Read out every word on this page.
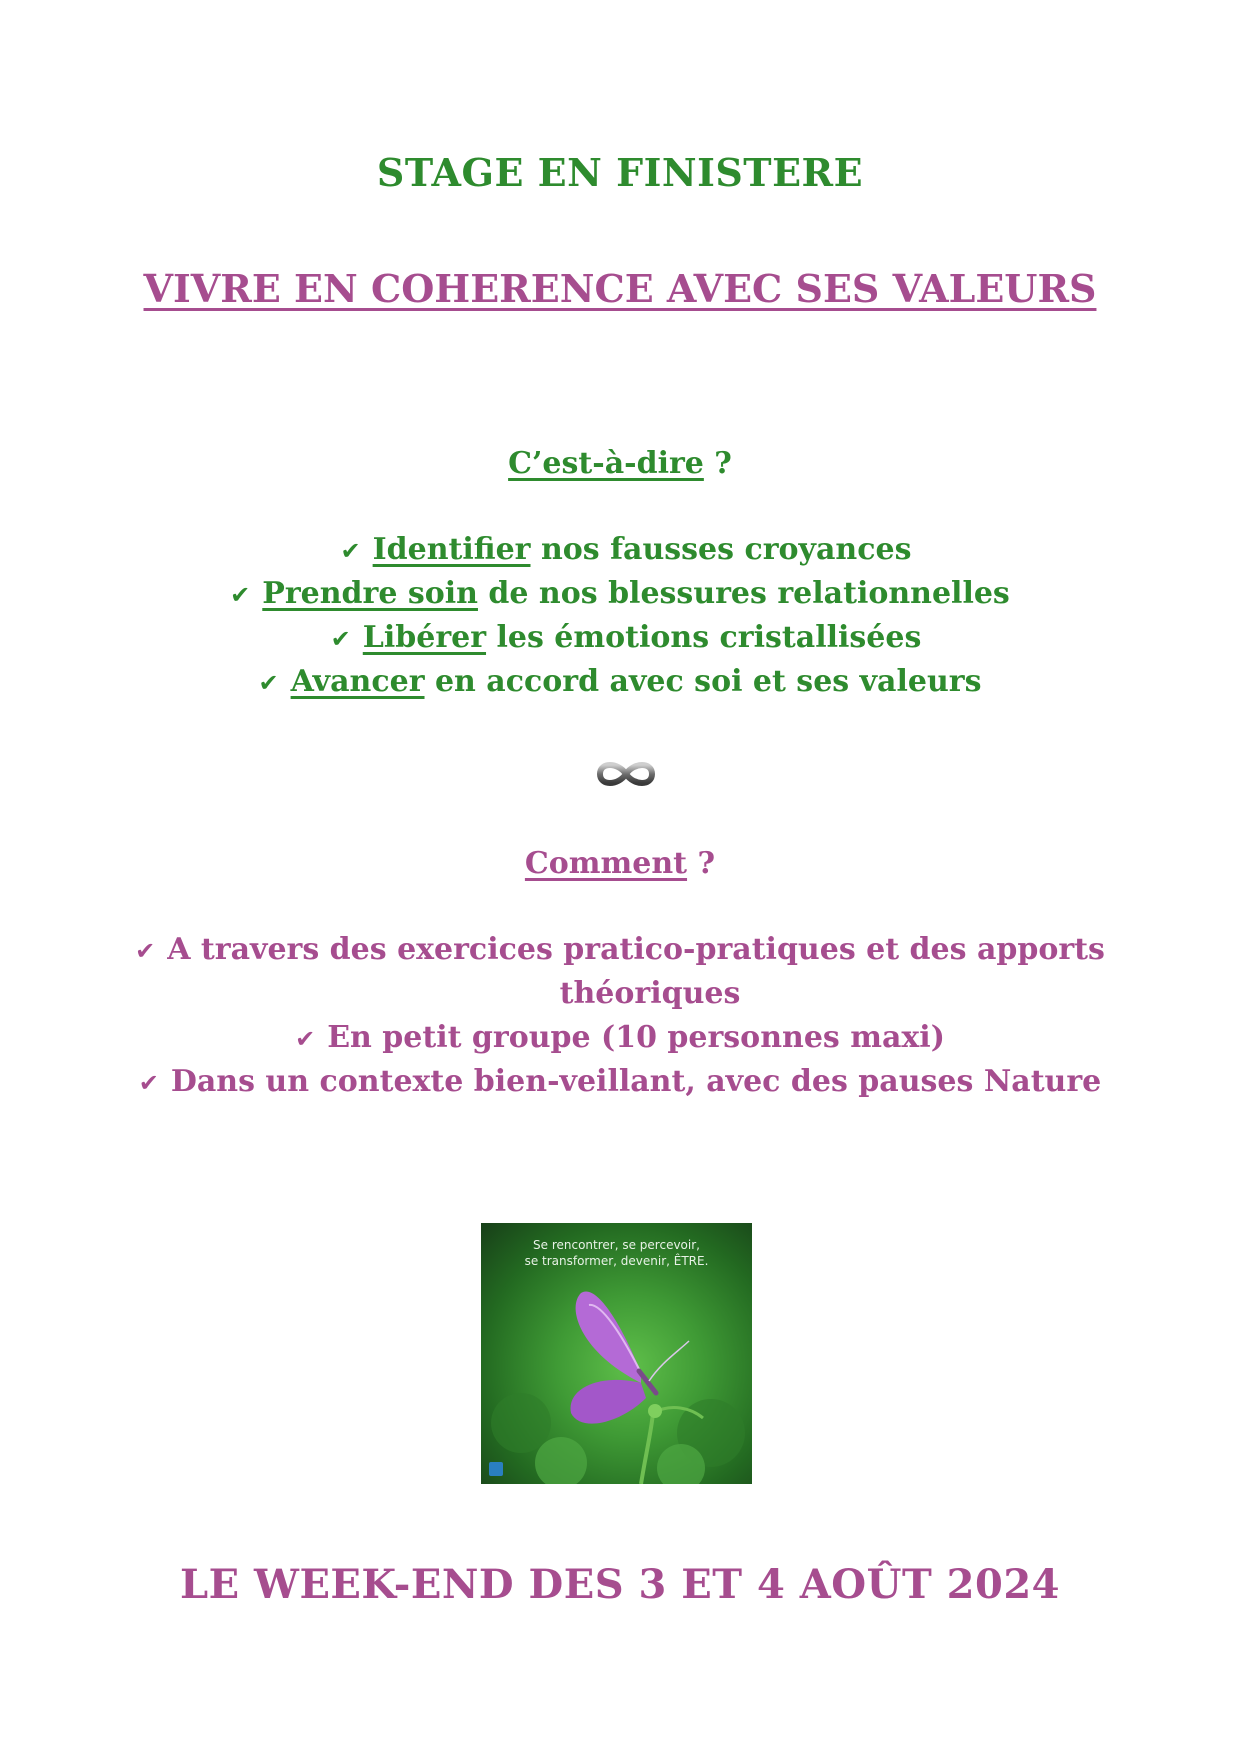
STAGE EN FINISTERE
VIVRE EN COHERENCE AVEC SES VALEURS
C’est-à-dire ?
✔ Identifier nos fausses croyances
✔ Prendre soin de nos blessures relationnelles
✔ Libérer les émotions cristallisées
✔ Avancer en accord avec soi et ses valeurs
Comment ?
✔ A travers des exercices pratico-pratiques et des apports
théoriques
✔ En petit groupe (10 personnes maxi)
✔ Dans un contexte bien-veillant, avec des pauses Nature
Se rencontrer, se percevoir,
se transformer, devenir, ÊTRE.
LE WEEK-END DES 3 ET 4 AOÛT 2024
